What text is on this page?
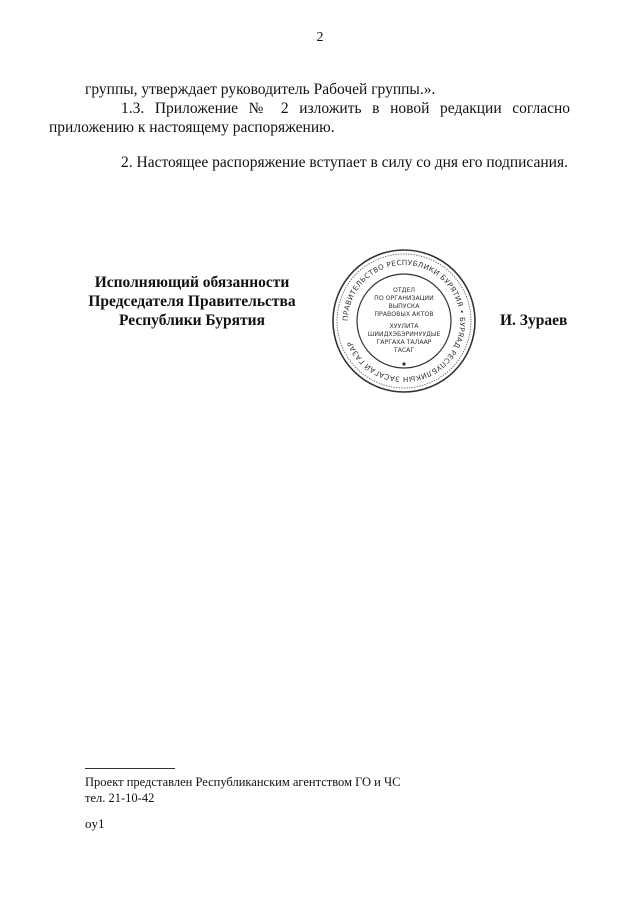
2
группы, утверждает руководитель Рабочей группы.».
1.3. Приложение № 2 изложить в новой редакции согласно
приложению к настоящему распоряжению.
2. Настоящее распоряжение вступает в силу со дня его подписания.
Исполняющий обязанности
Председателя Правительства
Республики Бурятия	ПРАВИТЕЛЬСТВО РЕСПУБЛИКИ БУРЯТИЯ • БУРЯАД РЕСПУБЛИКЫН ЗАСАГАЙ ГАЗАР
ОТДЕЛ
ПО ОРГАНИЗАЦИИ
ВЫПУСКА
ПРАВОВЫХ АКТОВ
ХУУЛИТА
ШИИДХЭБЭРИНУУДЫЕ
ГАРГАХА ТАЛААР
ТАСАГ
И. Зураев
Проект представлен Республиканским агентством ГО и ЧС
тел. 21-10-42
oy1
